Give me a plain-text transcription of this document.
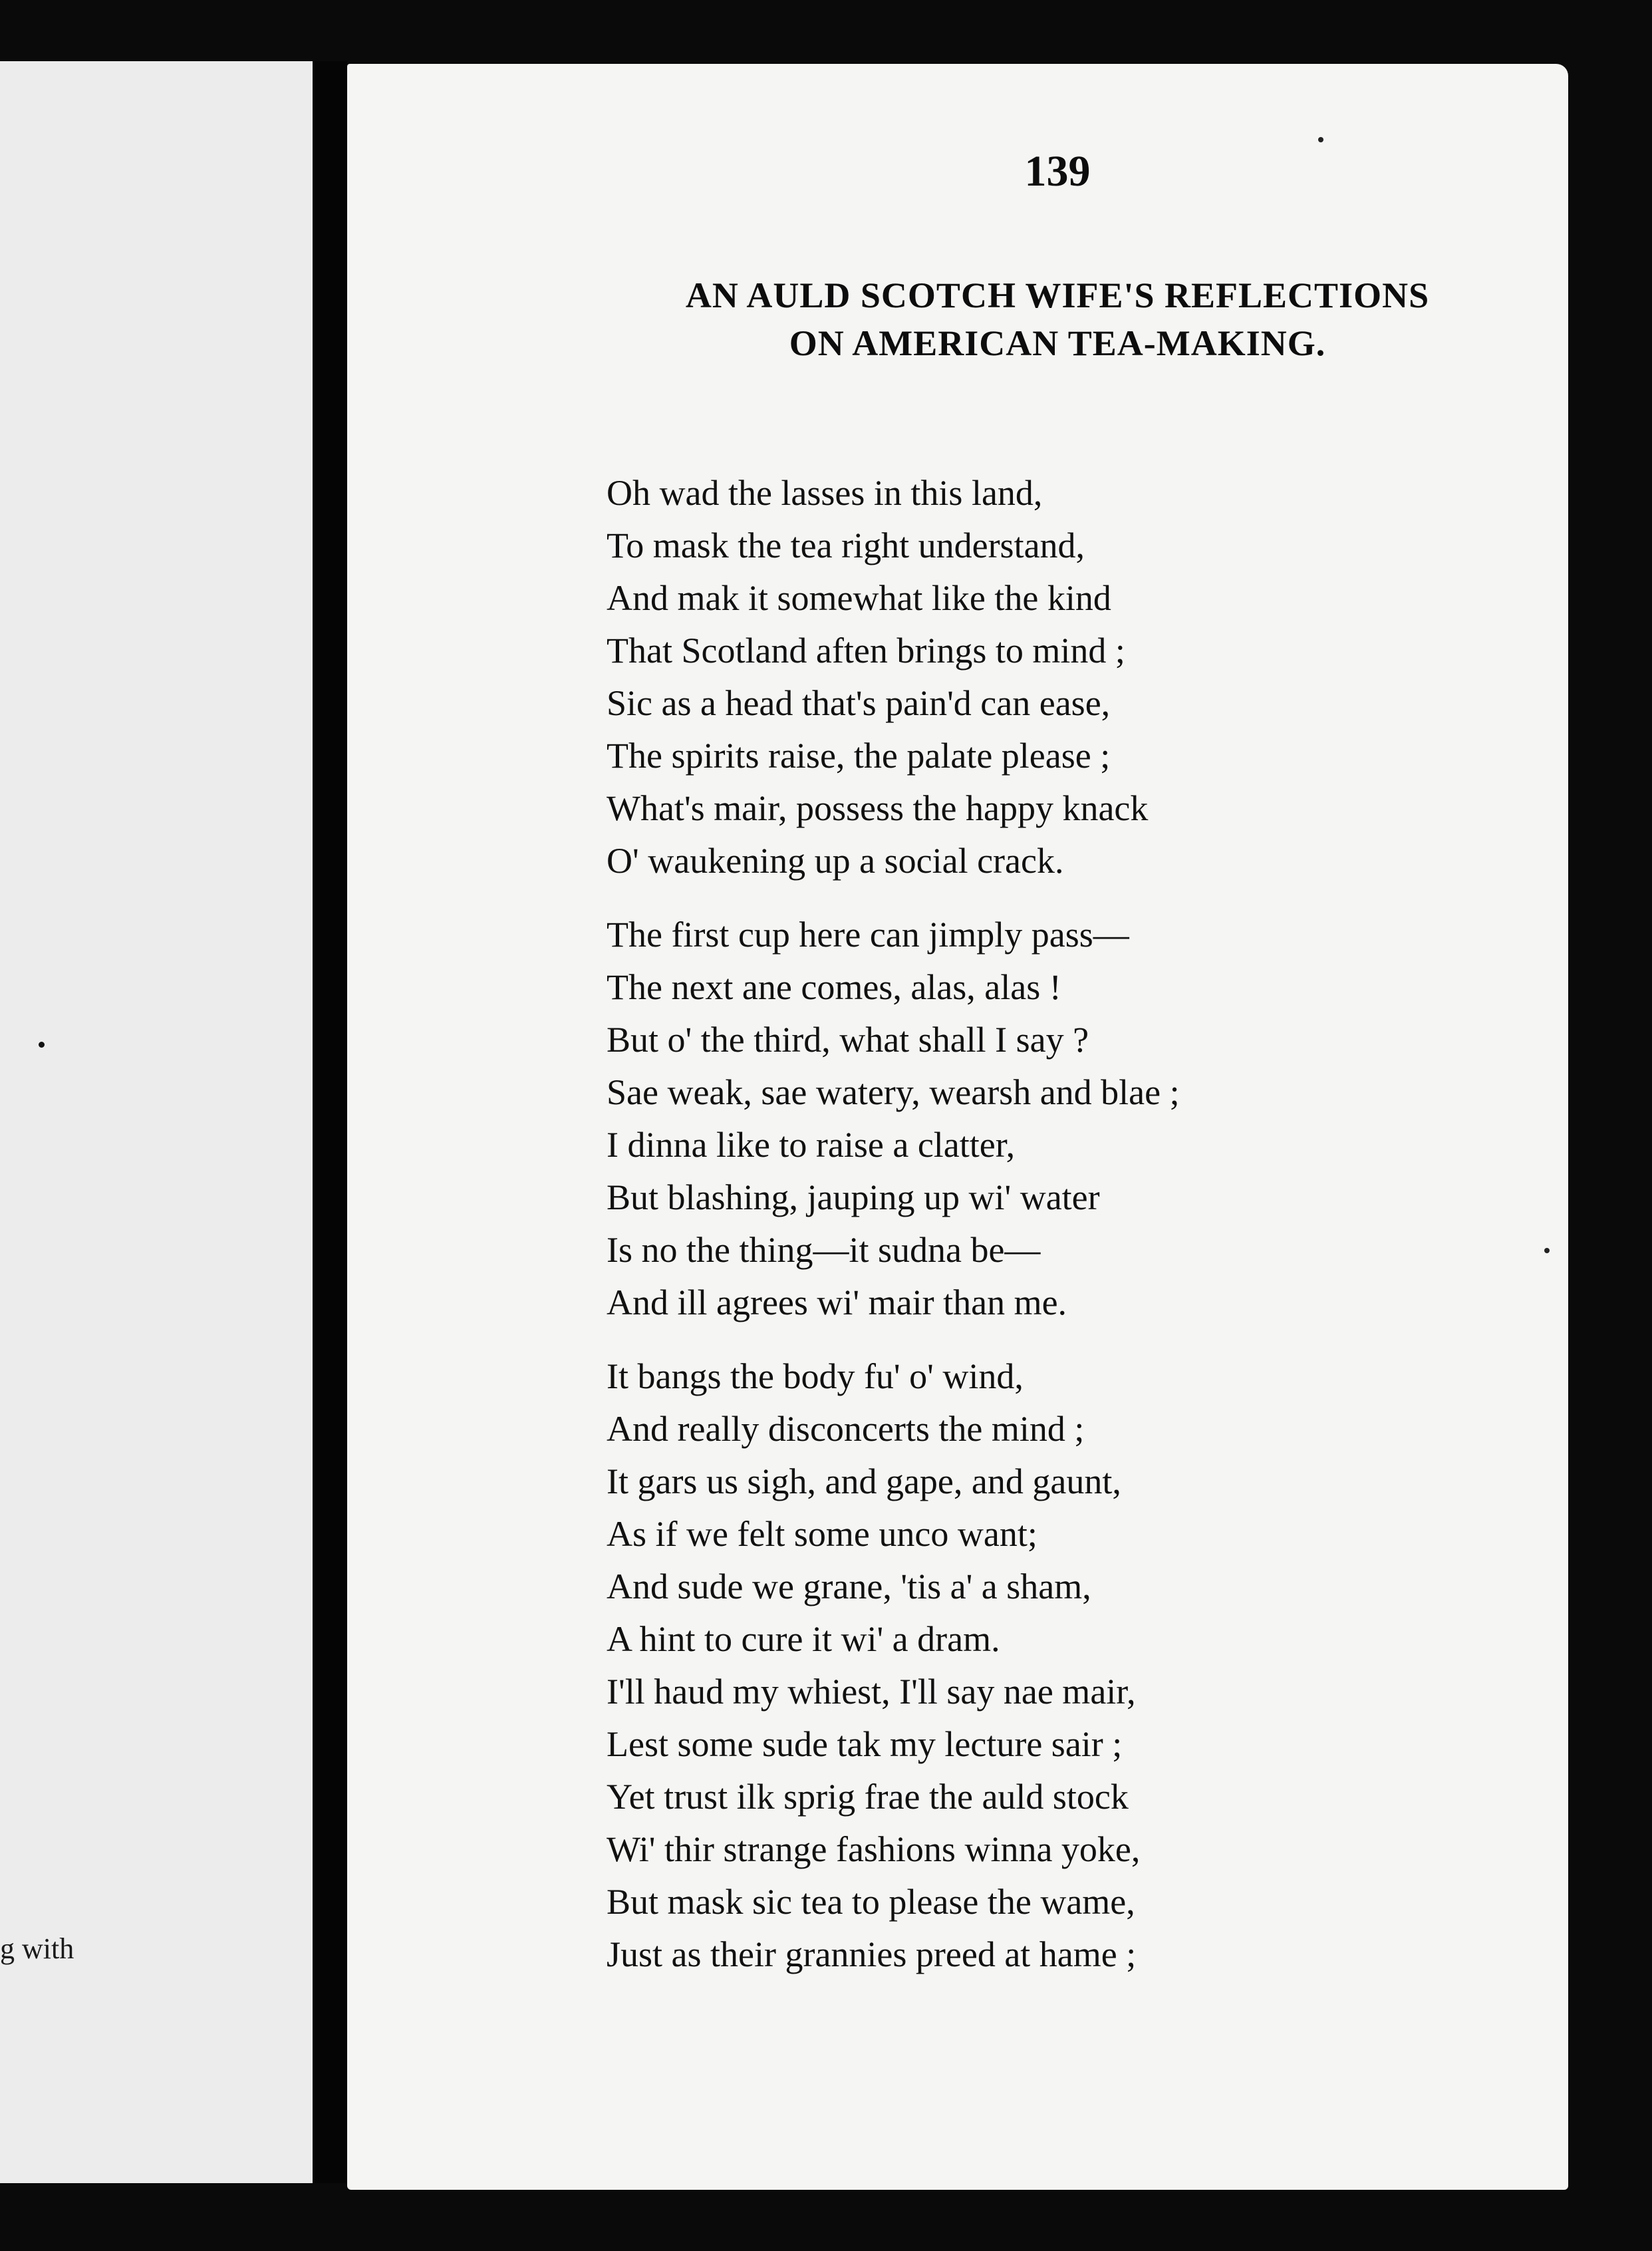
g with
139
AN AULD SCOTCH WIFE'S REFLECTIONS
ON AMERICAN TEA-MAKING.
Oh wad the lasses in this land,
To mask the tea right understand,
And mak it somewhat like the kind
That Scotland aften brings to mind ;
Sic as a head that's pain'd can ease,
The spirits raise, the palate please ;
What's mair, possess the happy knack
O' waukening up a social crack.
The first cup here can jimply pass—
The next ane comes, alas, alas !
But o' the third, what shall I say ?
Sae weak, sae watery, wearsh and blae ;
I dinna like to raise a clatter,
But blashing, jauping up wi' water
Is no the thing—it sudna be—
And ill agrees wi' mair than me.
It bangs the body fu' o' wind,
And really disconcerts the mind ;
It gars us sigh, and gape, and gaunt,
As if we felt some unco want;
And sude we grane, 'tis a' a sham,
A hint to cure it wi' a dram.
I'll haud my whiest, I'll say nae mair,
Lest some sude tak my lecture sair ;
Yet trust ilk sprig frae the auld stock
Wi' thir strange fashions winna yoke,
But mask sic tea to please the wame,
Just as their grannies preed at hame ;
